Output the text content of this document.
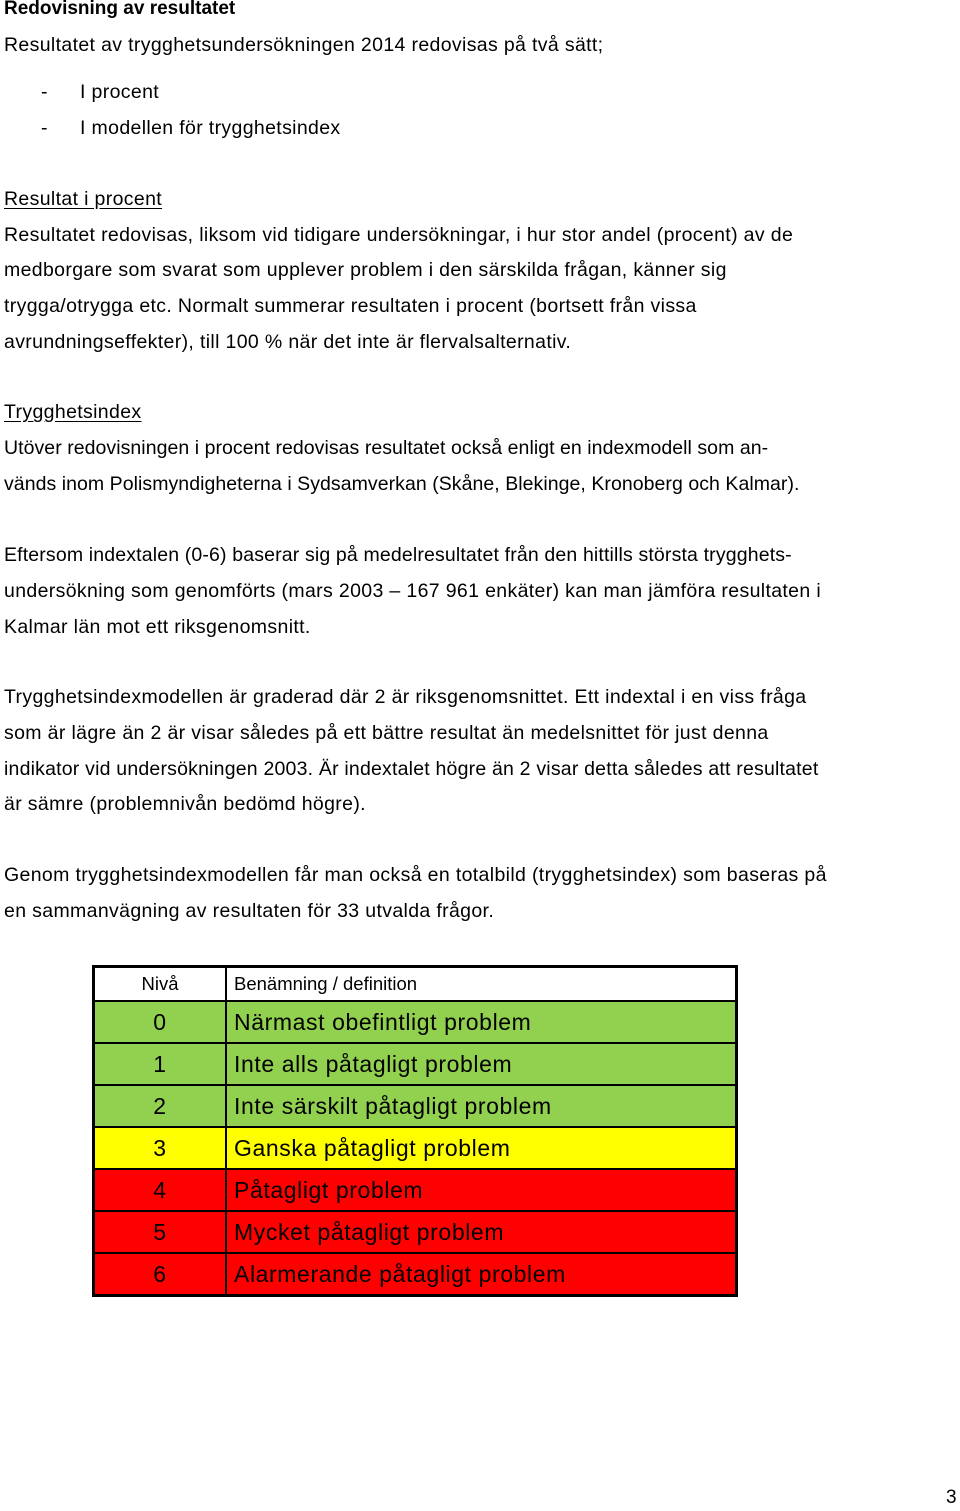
Redovisning av resultatet
Resultatet av trygghetsundersökningen 2014 redovisas på två sätt;
- I procent
- I modellen för trygghetsindex
Resultat i procent
Resultatet redovisas, liksom vid tidigare undersökningar, i hur stor andel (procent) av de
medborgare som svarat som upplever problem i den särskilda frågan, känner sig
trygga/otrygga etc. Normalt summerar resultaten i procent (bortsett från vissa
avrundningseffekter), till 100 % när det inte är flervalsalternativ.
Trygghetsindex
Utöver redovisningen i procent redovisas resultatet också enligt en indexmodell som an-
vänds inom Polismyndigheterna i Sydsamverkan (Skåne, Blekinge, Kronoberg och Kalmar).
Eftersom indextalen (0-6) baserar sig på medelresultatet från den hittills största trygghets-
undersökning som genomförts (mars 2003 – 167 961 enkäter) kan man jämföra resultaten i
Kalmar län mot ett riksgenomsnitt.
Trygghetsindexmodellen är graderad där 2 är riksgenomsnittet. Ett indextal i en viss fråga
som är lägre än 2 är visar således på ett bättre resultat än medelsnittet för just denna
indikator vid undersökningen 2003. Är indextalet högre än 2 visar detta således att resultatet
är sämre (problemnivån bedömd högre).
Genom trygghetsindexmodellen får man också en totalbild (trygghetsindex) som baseras på
en sammanvägning av resultaten för 33 utvalda frågor.
Nivå	Benämning / definition
0	Närmast obefintligt problem
1	Inte alls påtagligt problem
2	Inte särskilt påtagligt problem
3	Ganska påtagligt problem
4	Påtagligt problem
5	Mycket påtagligt problem
6	Alarmerande påtagligt problem
3
